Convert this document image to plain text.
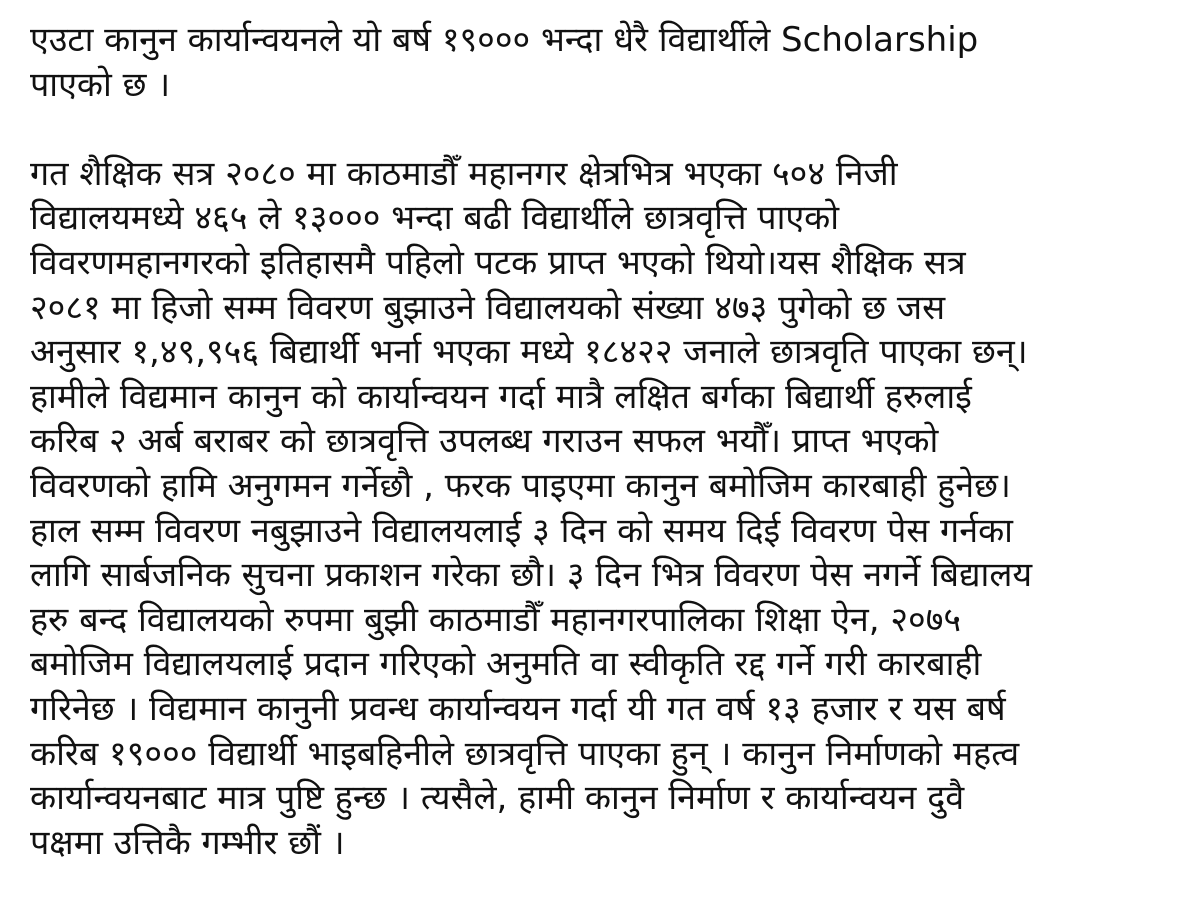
एउटा कानुन कार्यान्वयनले यो बर्ष १९००० भन्दा धेरै विद्यार्थीले Scholarship
पाएको छ ।
गत शैक्षिक सत्र २०८० मा काठमाडौँ महानगर क्षेत्रभित्र भएका ५०४ निजी
विद्यालयमध्ये ४६५ ले १३००० भन्दा बढी विद्यार्थीले छात्रवृत्ति पाएको
विवरणमहानगरको इतिहासमै पहिलो पटक प्राप्त भएको थियो।यस शैक्षिक सत्र
२०८१ मा हिजो सम्म विवरण बुझाउने विद्यालयको संख्या ४७३ पुगेको छ जस
अनुसार १,४९,९५६ बिद्यार्थी भर्ना भएका मध्ये १८४२२ जनाले छात्रवृति पाएका छन्।
हामीले विद्यमान कानुन को कार्यान्वयन गर्दा मात्रै लक्षित बर्गका बिद्यार्थी हरुलाई
करिब २ अर्ब बराबर को छात्रवृत्ति उपलब्ध गराउन सफल भयौँ। प्राप्त भएको
विवरणको हामि अनुगमन गर्नेछौ , फरक पाइएमा कानुन बमोजिम कारबाही हुनेछ।
हाल सम्म विवरण नबुझाउने विद्यालयलाई ३ दिन को समय दिई विवरण पेस गर्नका
लागि सार्बजनिक सुचना प्रकाशन गरेका छौ। ३ दिन भित्र विवरण पेस नगर्ने बिद्यालय
हरु बन्द विद्यालयको रुपमा बुझी काठमाडौँ महानगरपालिका शिक्षा ऐन, २०७५
बमोजिम विद्यालयलाई प्रदान गरिएको अनुमति वा स्वीकृति रद्द गर्ने गरी कारबाही
गरिनेछ । विद्यमान कानुनी प्रवन्ध कार्यान्वयन गर्दा यी गत वर्ष १३ हजार र यस बर्ष
करिब १९००० विद्यार्थी भाइबहिनीले छात्रवृत्ति पाएका हुन् । कानुन निर्माणको महत्व
कार्यान्वयनबाट मात्र पुष्टि हुन्छ । त्यसैले, हामी कानुन निर्माण र कार्यान्वयन दुवै
पक्षमा उत्तिकै गम्भीर छौं ।
